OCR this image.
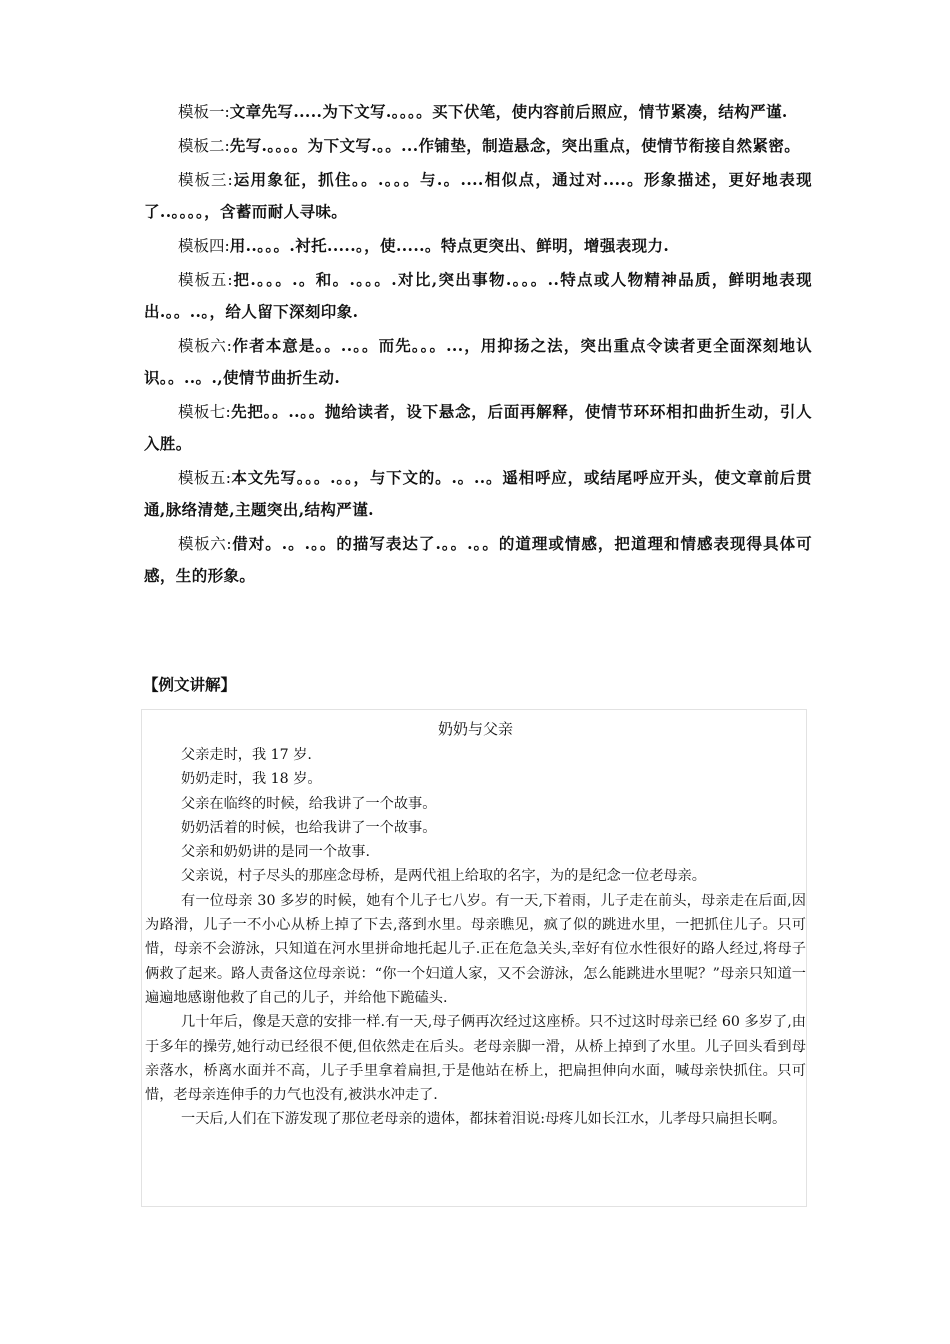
模板一:文章先写.....为下文写.。。。。买下伏笔，使内容前后照应，情节紧凑，结构严谨.

模板二:先写.。。。。为下文写.。。...作铺垫，制造悬念，突出重点，使情节衔接自然紧密。

模板三:运用象征，抓住。。.。。。与.。....相似点，通过对....。形象描述，更好地表现了..。。。。，含蓄而耐人寻味。

模板四:用..。。。.衬托.....。，使.....。特点更突出、鲜明，增强表现力.

模板五:把.。。。.。和。.。。。.对比,突出事物.。。。..特点或人物精神品质，鲜明地表现出.。。..。，给人留下深刻印象.

模板六:作者本意是。。..。。而先。。。...，用抑扬之法，突出重点令读者更全面深刻地认识。。..。.,使情节曲折生动.

模板七:先把。。..。。抛给读者，设下悬念，后面再解释，使情节环环相扣曲折生动，引人入胜。

模板五:本文先写。。。.。。，与下文的。.。..。遥相呼应，或结尾呼应开头，使文章前后贯通,脉络清楚,主题突出,结构严谨.

模板六:借对。.。.。。的描写表达了.。。.。。的道理或情感，把道理和情感表现得具体可感，生的形象。

【例文讲解】

奶奶与父亲

父亲走时，我 17 岁.

奶奶走时，我 18 岁。

父亲在临终的时候，给我讲了一个故事。

奶奶活着的时候，也给我讲了一个故事。

父亲和奶奶讲的是同一个故事.

父亲说，村子尽头的那座念母桥，是两代祖上给取的名字，为的是纪念一位老母亲。

有一位母亲 30 多岁的时候，她有个儿子七八岁。有一天,下着雨，儿子走在前头，母亲走在后面,因为路滑，儿子一不小心从桥上掉了下去,落到水里。母亲瞧见，疯了似的跳进水里，一把抓住儿子。只可惜，母亲不会游泳，只知道在河水里拼命地托起儿子.正在危急关头,幸好有位水性很好的路人经过,将母子俩救了起来。路人责备这位母亲说：“你一个妇道人家，又不会游泳，怎么能跳进水里呢？”母亲只知道一遍遍地感谢他救了自己的儿子，并给他下跪磕头.

几十年后，像是天意的安排一样.有一天,母子俩再次经过这座桥。只不过这时母亲已经 60 多岁了,由于多年的操劳,她行动已经很不便,但依然走在后头。老母亲脚一滑，从桥上掉到了水里。儿子回头看到母亲落水，桥离水面并不高，儿子手里拿着扁担,于是他站在桥上，把扁担伸向水面，喊母亲快抓住。只可惜，老母亲连伸手的力气也没有,被洪水冲走了.

一天后,人们在下游发现了那位老母亲的遗体，都抹着泪说:母疼儿如长江水，儿孝母只扁担长啊。
